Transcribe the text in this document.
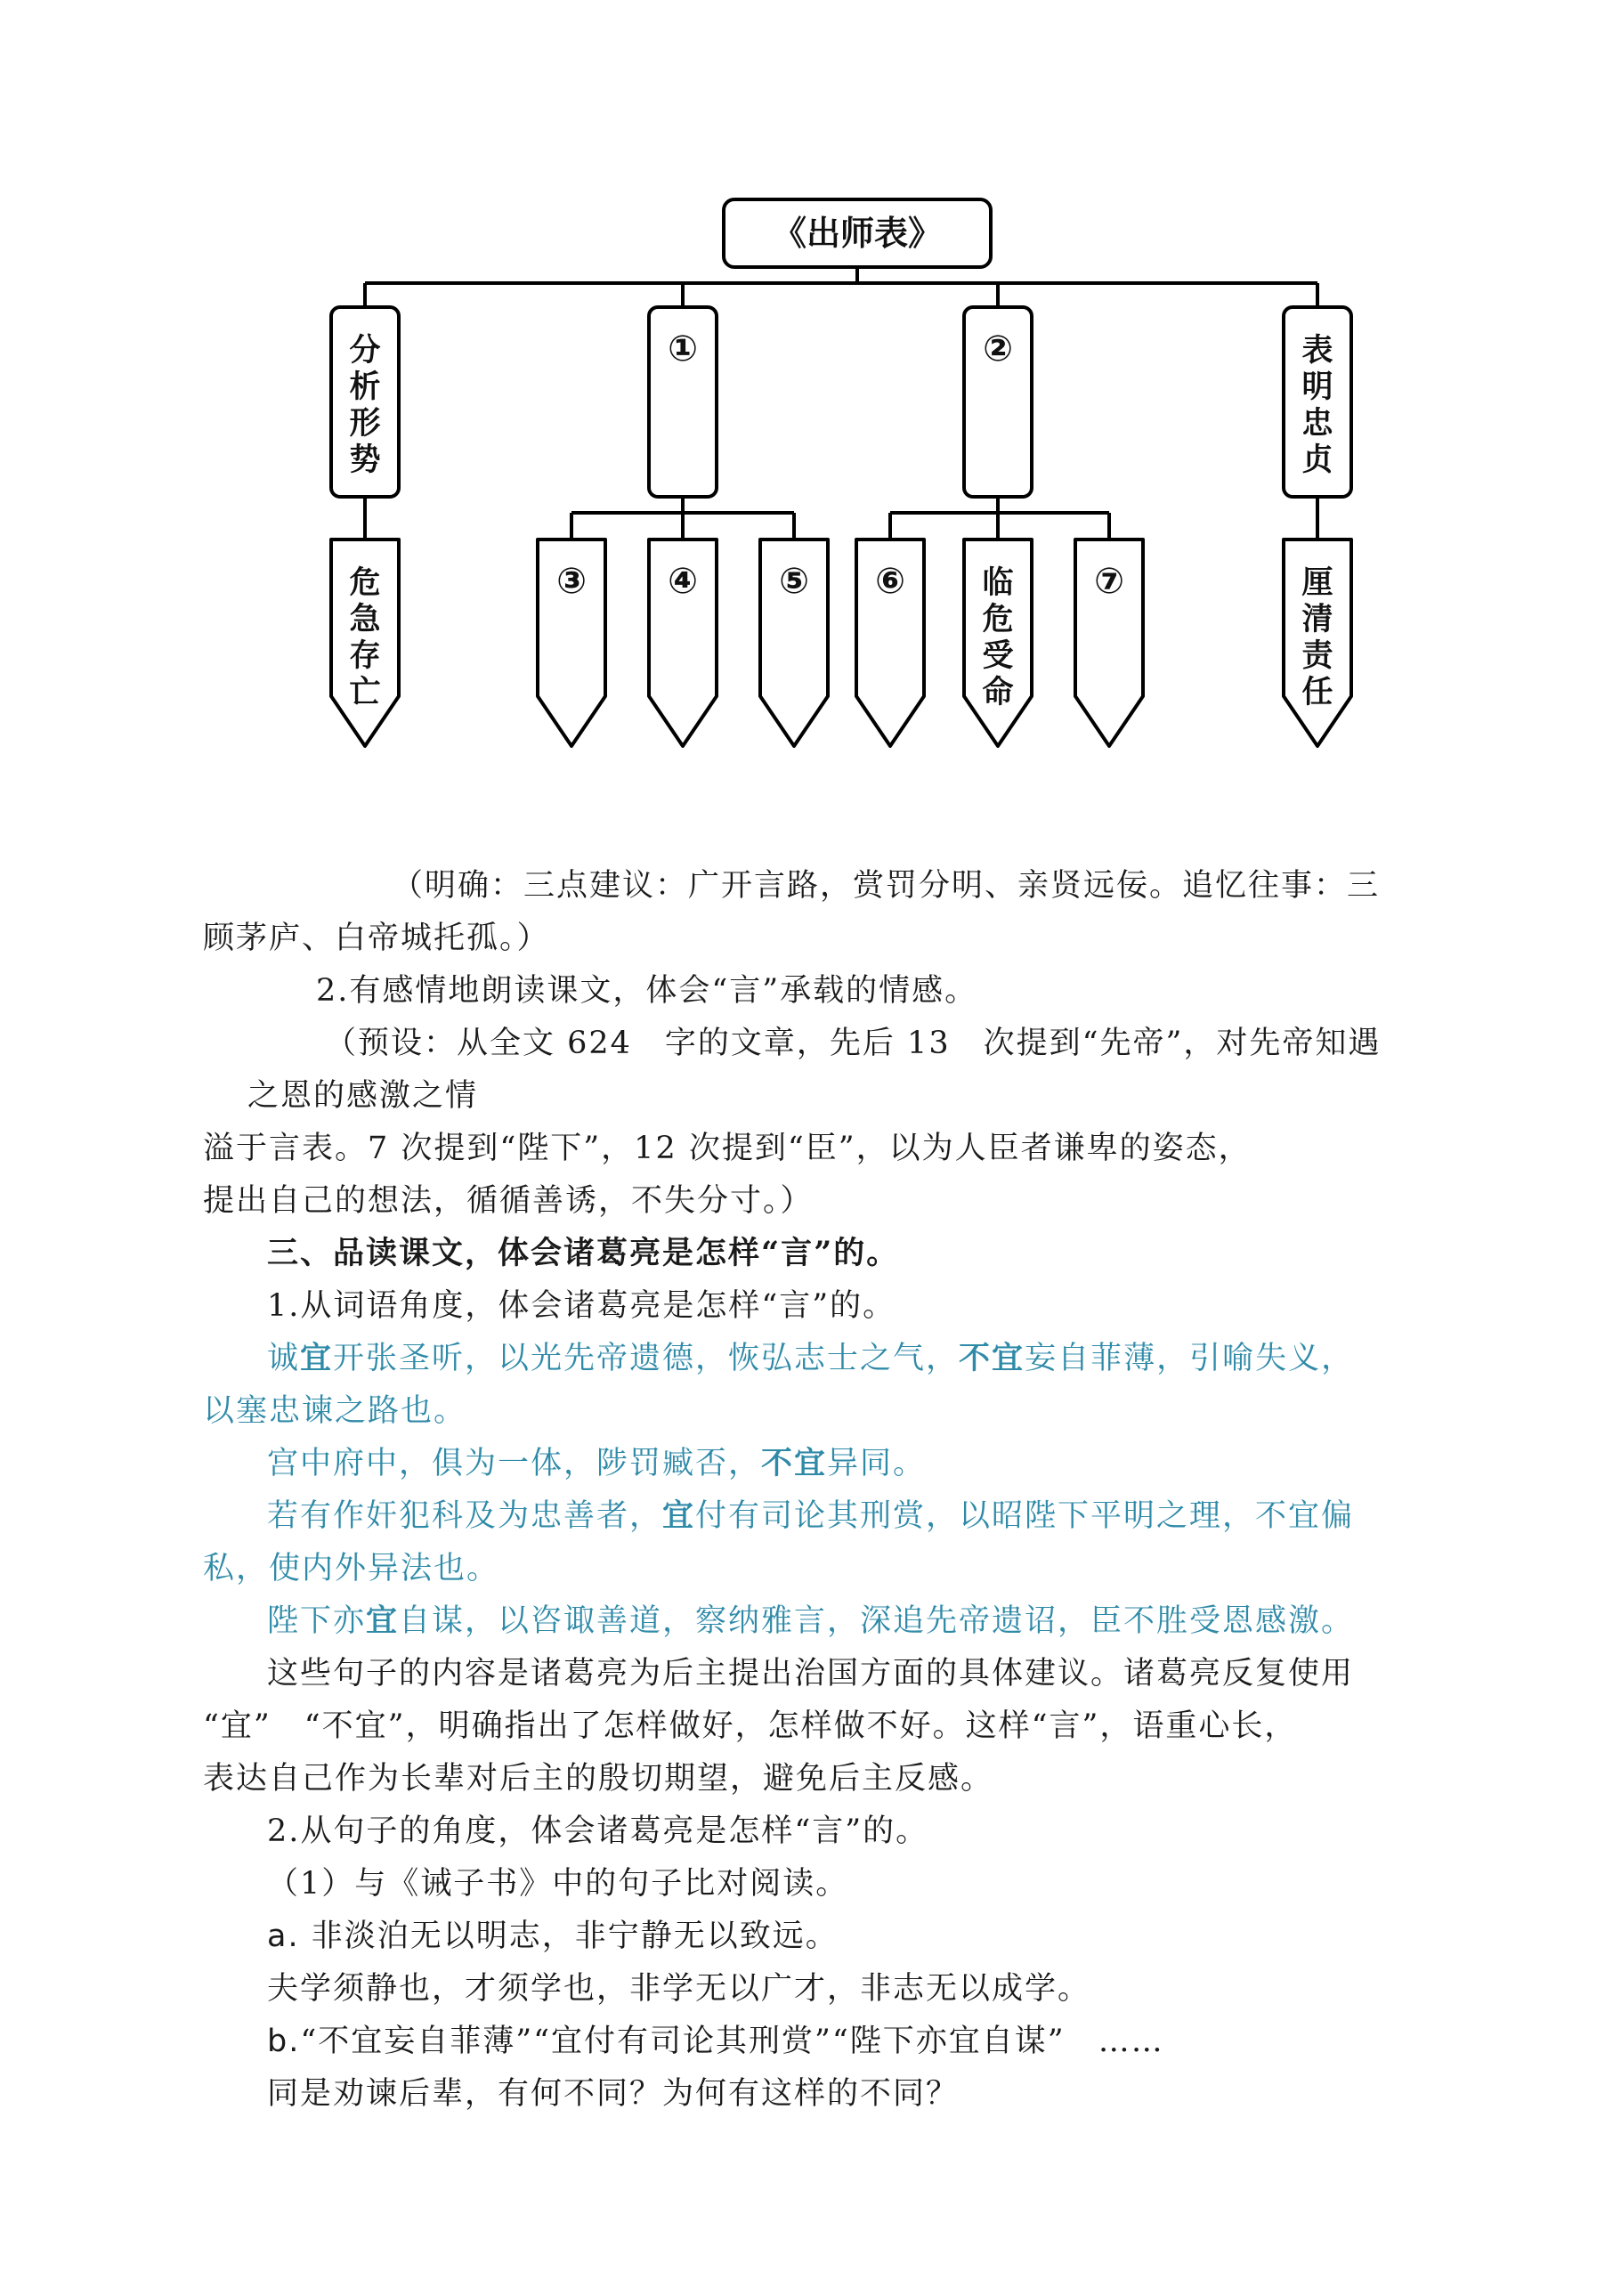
《出师表》
分
析
形
势
①	②	表
明
忠
贞
危
急
存
亡
③ ④ ⑤ ⑥ 临
危
受
命
⑦	厘
清
责
任
（明确：三点建议：广开言路，赏罚分明、亲贤远佞。追忆往事：三
顾茅庐、白帝城托孤。）
2.有感情地朗读课文，体会“言”承载的情感。
（预设：从全文 624　字的文章，先后 13　次提到“先帝”，对先帝知遇
之恩的感激之情
溢于言表。7 次提到“陛下”，12 次提到“臣”，以为人臣者谦卑的姿态，
提出自己的想法，循循善诱，不失分寸。）
三、品读课文，体会诸葛亮是怎样“言”的。
1.从词语角度，体会诸葛亮是怎样“言”的。
诚宜开张圣听，以光先帝遗德，恢弘志士之气，不宜妄自菲薄，引喻失义，
以塞忠谏之路也。
宫中府中，俱为一体，陟罚臧否，不宜异同。
若有作奸犯科及为忠善者，宜付有司论其刑赏，以昭陛下平明之理，不宜偏
私，使内外异法也。
陛下亦宜自谋，以咨诹善道，察纳雅言，深追先帝遗诏，臣不胜受恩感激。
这些句子的内容是诸葛亮为后主提出治国方面的具体建议。诸葛亮反复使用
“宜”　“不宜”，明确指出了怎样做好，怎样做不好。这样“言”，语重心长，
表达自己作为长辈对后主的殷切期望，避免后主反感。
2.从句子的角度，体会诸葛亮是怎样“言”的。
（1）与《诫子书》中的句子比对阅读。
a. 非淡泊无以明志，非宁静无以致远。
夫学须静也，才须学也，非学无以广才，非志无以成学。
b.“不宜妄自菲薄”“宜付有司论其刑赏”“陛下亦宜自谋”　……
同是劝谏后辈，有何不同？为何有这样的不同？
